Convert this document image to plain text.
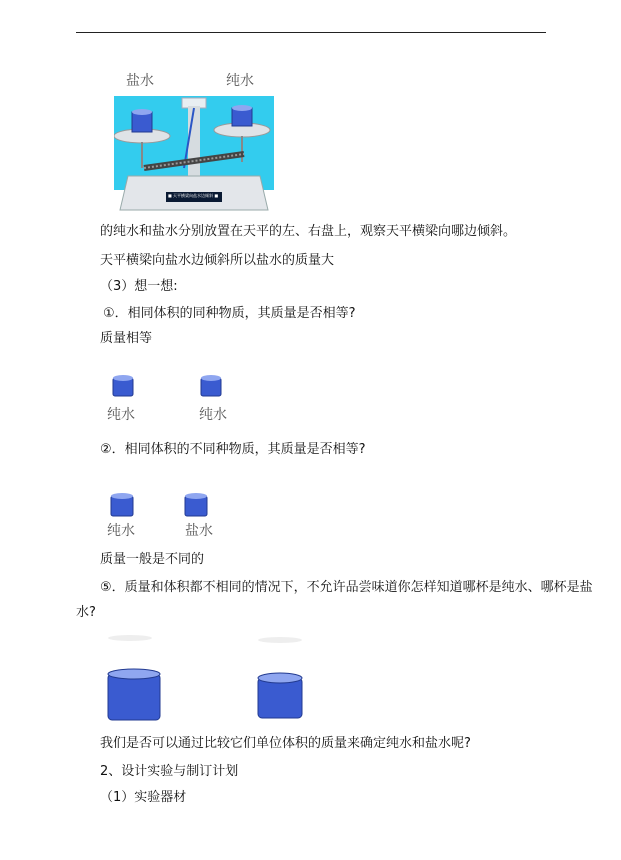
盐水	纯水
■ 天平横梁向盐水边倾斜 ■
的纯水和盐水分别放置在天平的左、右盘上，观察天平横梁向哪边倾斜。
天平横梁向盐水边倾斜所以盐水的质量大
（3）想一想:
①．相同体积的同种物质，其质量是否相等?
质量相等
纯水	纯水
②．相同体积的不同种物质，其质量是否相等?
纯水	盐水
质量一般是不同的
⑤．质量和体积都不相同的情况下，不允许品尝味道你怎样知道哪杯是纯水、哪杯是盐
水?
我们是否可以通过比较它们单位体积的质量来确定纯水和盐水呢?
2、设计实验与制订计划
（1）实验器材
